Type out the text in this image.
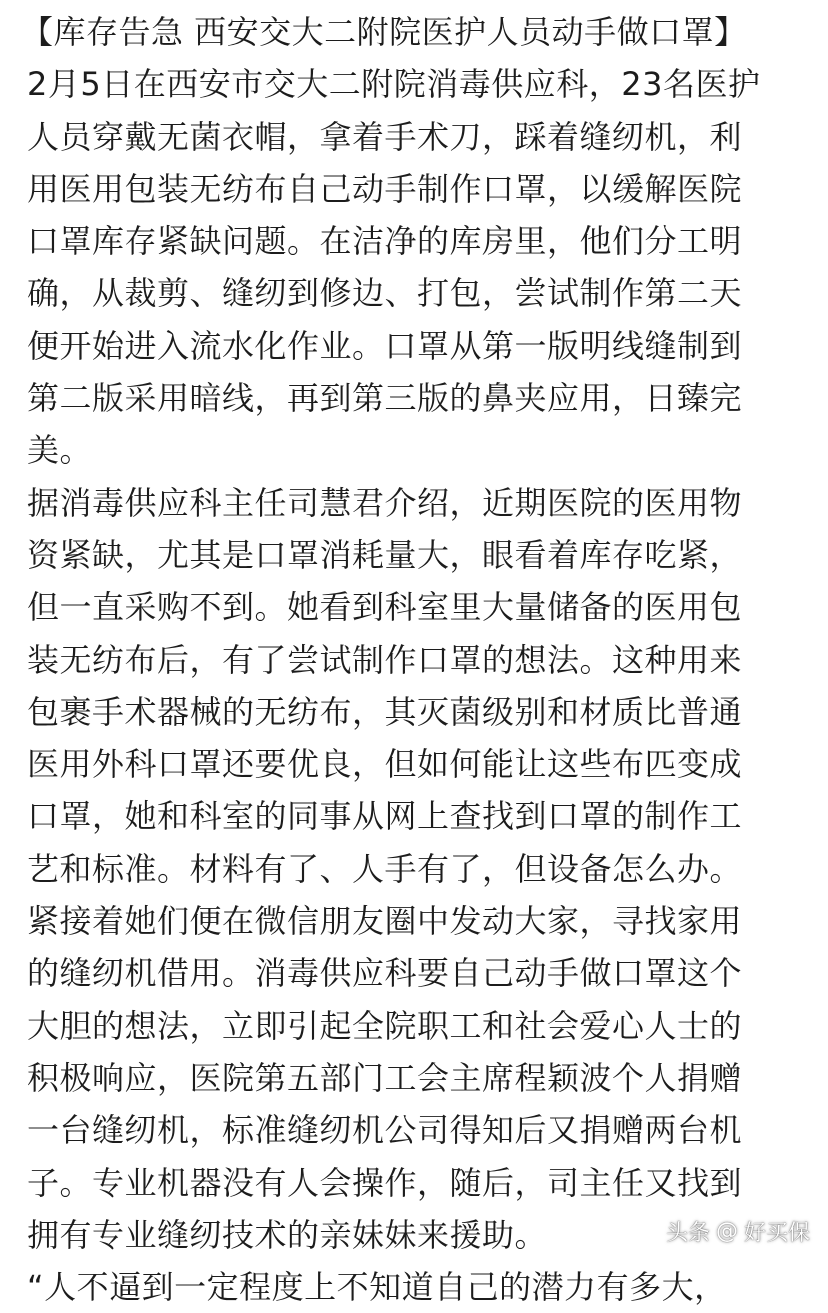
【库存告急 西安交大二附院医护人员动手做口罩】
2月5日在西安市交大二附院消毒供应科，23名医护
人员穿戴无菌衣帽，拿着手术刀，踩着缝纫机，利
用医用包装无纺布自己动手制作口罩，以缓解医院
口罩库存紧缺问题。在洁净的库房里，他们分工明
确，从裁剪、缝纫到修边、打包，尝试制作第二天
便开始进入流水化作业。口罩从第一版明线缝制到
第二版采用暗线，再到第三版的鼻夹应用，日臻完
美。
据消毒供应科主任司慧君介绍，近期医院的医用物
资紧缺，尤其是口罩消耗量大，眼看着库存吃紧，
但一直采购不到。她看到科室里大量储备的医用包
装无纺布后，有了尝试制作口罩的想法。这种用来
包裹手术器械的无纺布，其灭菌级别和材质比普通
医用外科口罩还要优良，但如何能让这些布匹变成
口罩，她和科室的同事从网上查找到口罩的制作工
艺和标准。材料有了、人手有了，但设备怎么办。
紧接着她们便在微信朋友圈中发动大家，寻找家用
的缝纫机借用。消毒供应科要自己动手做口罩这个
大胆的想法，立即引起全院职工和社会爱心人士的
积极响应，医院第五部门工会主席程颖波个人捐赠
一台缝纫机，标准缝纫机公司得知后又捐赠两台机
子。专业机器没有人会操作，随后，司主任又找到
拥有专业缝纫技术的亲妹妹来援助。
“人不逼到一定程度上不知道自己的潜力有多大，
头条 @ 好买保
